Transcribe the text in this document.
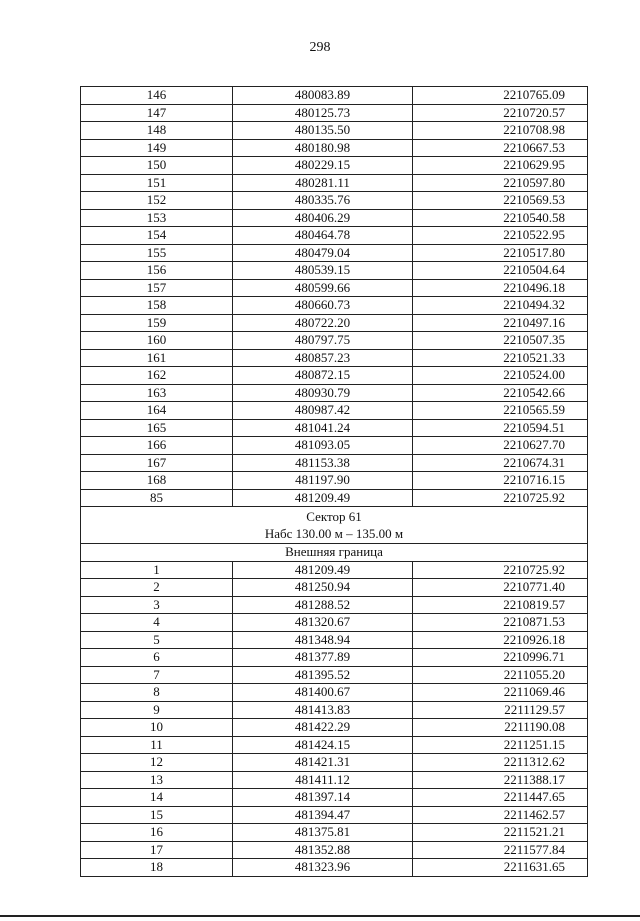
298
146	480083.89	2210765.09
147	480125.73	2210720.57
148	480135.50	2210708.98
149	480180.98	2210667.53
150	480229.15	2210629.95
151	480281.11	2210597.80
152	480335.76	2210569.53
153	480406.29	2210540.58
154	480464.78	2210522.95
155	480479.04	2210517.80
156	480539.15	2210504.64
157	480599.66	2210496.18
158	480660.73	2210494.32
159	480722.20	2210497.16
160	480797.75	2210507.35
161	480857.23	2210521.33
162	480872.15	2210524.00
163	480930.79	2210542.66
164	480987.42	2210565.59
165	481041.24	2210594.51
166	481093.05	2210627.70
167	481153.38	2210674.31
168	481197.90	2210716.15
85	481209.49	2210725.92

Сектор 61
Набс 130.00 м – 135.00 м		

Внешняя граница		
1	481209.49	2210725.92
2	481250.94	2210771.40
3	481288.52	2210819.57
4	481320.67	2210871.53
5	481348.94	2210926.18
6	481377.89	2210996.71
7	481395.52	2211055.20
8	481400.67	2211069.46
9	481413.83	2211129.57
10	481422.29	2211190.08
11	481424.15	2211251.15
12	481421.31	2211312.62
13	481411.12	2211388.17
14	481397.14	2211447.65
15	481394.47	2211462.57
16	481375.81	2211521.21
17	481352.88	2211577.84
18	481323.96	2211631.65
